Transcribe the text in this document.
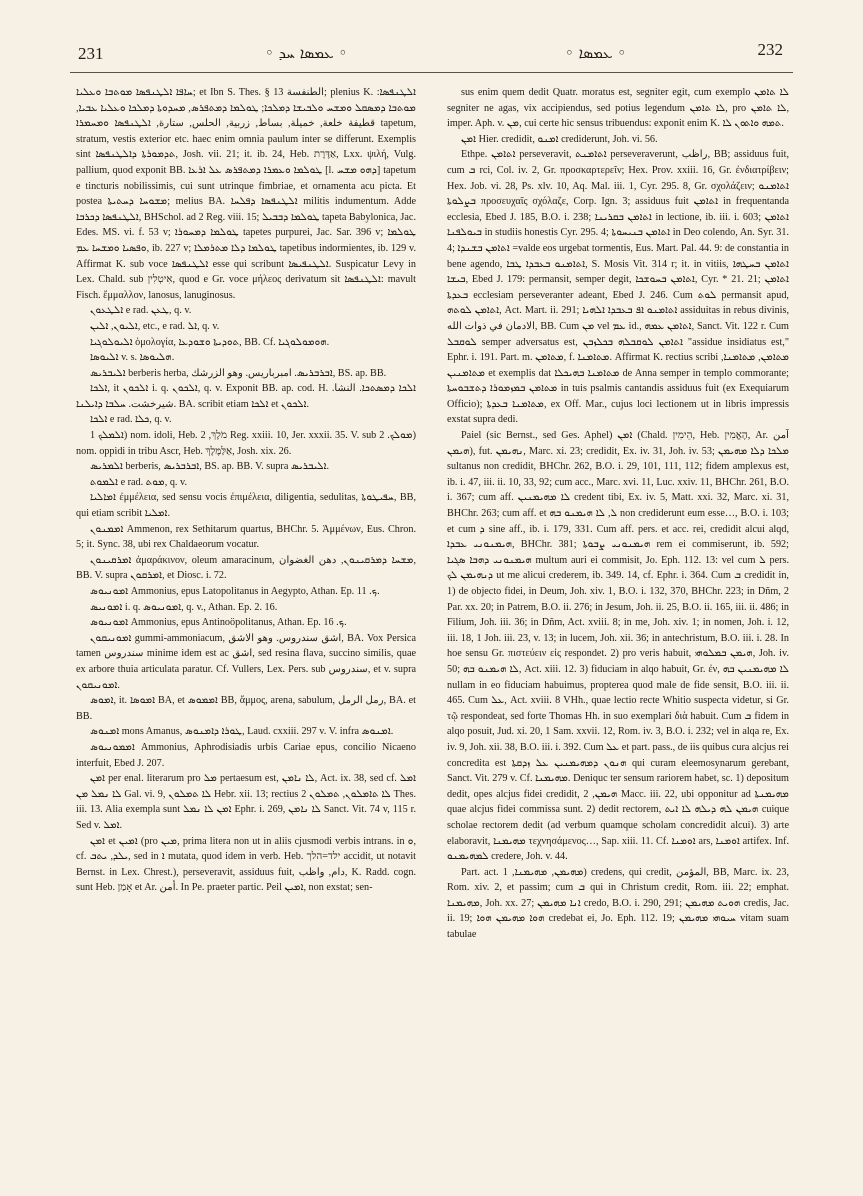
231	◦ ܥܡܣܐ ܚܕ ◦	◦ ܥܡܣܐ ◦	232

ܚܐܦܐ ܐܠܛܢܦܣܐ ܡܘܬܒܐ ܘܥܠܝܐ; et Ibn S. Thes. § 13 الطنفسة; plenius K. ܐܠܛܢܦܣܐ: ܡܘܬܒܐ ܕܡܣܩܠ ܘܡܫܚ ܘܠܒܝܫܐ ܕܡܠܟܐ; ܛܘܠܡܐ ܕܡܬܦܪܣ, ܡܚܕܘܬܐ ܕܡܠܟܐ ܘܥܠܝܐ ܥܒܝܐ, قطيفة خلعة, خميلة, بساط, زربية, الحلس, ستارة, ܐܠܛܢܦܣܐ ܘܡܚܡܪܐ tapetum, stratum, vestis exterior etc. haec enim omnia paulum inter se differunt. Exemplis sint ܬܕܡܘܪܬܐ ܕܐܠܛܢܦܣܐ, Josh. vii. 21; it. ib. 24, Heb. אַדֶּרֶת, Lxx. ψιλή, Vulg. pallium, quod exponit BB. ܛܘܠܡܐ ܘܥܡܪܐ ܕܡܬܦܪܣ ܥܠ ܐܪܥܐ [l. ܕܗܘ ܡܫܚ] tapetum e tincturis nobilissimis, cui sunt utrinque fimbriae, et ornamenta acu picta. Et postea ܡܫܘܚܐ ܕܚܬܝܬܐ; melius BA. ܐܠܛܢܦܣܐ ܕܦܠܚܐ militis indumentum. Adde ܐܠܛܢܦܣܐ ܕܟܪܒܐ, BHSchol. ad 2 Reg. viii. 15; ܛܘܠܡܐ ܕܒܒܝܠ tapeta Babylonica, Jac. Edes. MS. vi. f. 53 v; ܛܘܠܡܐ ܕܡܚܘܪܐ tapetes purpurei, Jac. Sar. 396 v; ܛܘܠܡܐ ܘܦܣܝܐ ܘܡܫܚܐ ܥܡ, ib. 227 v; ܛܘܠܡܐ ܕܠܐ ܡܬܪܡܠܐ tapetibus indormientes, ib. 129 v. Affirmat K. sub voce ܐܠܛܢܦܣܐ esse qui scribunt ܐܠܛܢܦܝܣܐ. Suspicatur Levy in Lex. Chald. sub אִיטְלִין, quod e Gr. voce μήλεος derivatum sit ܐܠܛܢܦܣܐ: mavult Fisch. ἔμμαλλον, lanosus, lanuginosus.

ܐܠܛܥܘܢ e rad. ܛܥܢ, q. v.

ܐܠܝܘܢ, ܐܠܝܢ, etc., e rad. ܐܠ, q. v.

ܐܠܝܘܠܘܓܝܐ ὁμολογία, ܬܘܕܝܬܐ ܘܫܘܕܥܐ, BB. Cf. ܗܘܡܘܠܘܓܝܐ.

ܐܠܝܘܣܐ v. s. ܗܠܝܘܣܐ.

ܐܠܝܒܪܝܣ berberis herba, ܐܒܪܒܪܝܣ. امبرباريس. وهو الزرشك, BS. ap. BB.

ܐܠܟܐ, it ܐܠܟܘܢ i. q. ܐܠܟܘܢ, q. v. Exponit BB. ap. cod. H. ܐܠܟܐ ܕܡܣܬܟܐ. النشا. شيرخشت. ܚܠܒܐ ܕܐܝܠܢܐ. BA. scribit etiam ܐܠܟܐ et ܐܠܟܘܢ.

ܐܠܟܐ e rad. ܟܠܐ, q. v.

ܐܠܡܠܟ 1) nom. idoli, Heb. מֹלֶךְ, 2 Reg. xxiii. 10, Jer. xxxii. 35. V. sub ܡܘܠܟ. 2) nom. oppidi in tribu Ascr, Heb. אַלַּמֶּלֶךְ, Josh. xix. 26.

ܐܠܡܪܝܣ berberis, ܐܒܪܒܪܝܣ, BS. ap. BB. V. supra ܐܠܝܒܪܝܣ.

ܐܠܡܘܬ e rad. ܡܘܬ, q. v.

ܐܡܐܠܝܐ ἐμμέλεια, sed sensu vocis ἐπιμέλεια, diligentia, sedulitas, ܚܦܝܛܘܬܐ, BB, qui etiam scribit ܐܡܠܝܐ.

ܐܡܡܢܘܢ Ammenon, rex Sethitarum quartus, BHChr. 5. Ἀμμένων, Eus. Chron. 5; it. Sync. 38, ubi rex Chaldaeorum vocatur.

ܐܡܪܩܝܢܘܢ ἀμαράκινον, oleum amaracinum, ܡܫܚܐ ܕܡܪܩܝܢܘܢ, دهن الغضوان, BB. V. supra ܐܡܪܩܘܢ, et Diosc. i. 72.

ܐܡܘܢܝܘܣ Ammonius, epus Latopolitanus in Aegypto, Athan. Ep. ܟ. 11.

ܐܡܘܢܝܣ i. q. ܐܡܘܢܝܘܣ, q. v., Athan. Ep. 2. 16.

ܐܡܘܢܝܘܣ Ammonius, epus Antinoöpolitanus, Athan. Ep. ܟ. 16.

ܐܡܘܢܝܩܘܢ gummi-ammoniacum, اشق سندروس. وهو الاشق, BA. Vox Persica tamen سندروس minime idem est ac اشق, sed resina flava, succino similis, quae ex arbore thuia articulata paratur. Cf. Vullers, Lex. Pers. sub سندروس, et v. supra ܐܡܘܢܝܩܘܢ.

ܐܡܘܣ, it. ܐܡܘܣܐ BA, et ܐܡܡܘܣ BB, ἄμμος, arena, sabulum, رمل الرمل, BA. et BB.

ܐܡܢܘܣ mons Amanus, ܛܘܪܐ ܕܐܡܢܘܣ, Laud. cxxiii. 297 v. V. infra ܐܡܢܘܣ.

ܐܡܡܘܢܝܘܣ Ammonius, Aphrodisiadis urbis Cariae epus, concilio Nicaeno interfuit, Ebed J. 207.

ܐܡܢ per enal. literarum pro ܡܠ pertaesum est, ܠܐ ܢܐܡܢ, Act. ix. 38, sed cf. ܐܡܠ ܠܐ ܢܡܠ ܡܢ Gal. vi. 9, ܠܐ ܬܡܠܘܢ Hebr. xii. 13; rectius ܠܐ ܬܐܡܠܘܢ, ܬܡܠܘܢ 2 Thes. iii. 13. Alia exempla sunt ܐܡܢ ܠܐ ܢܡܠ Ephr. i. 269, ܠܐ ܢܐܡܢ Sanct. Vit. 74 v, 115 r. Sed v. ܐܡܠ.

ܐܡܢ et ܐܡܝܢ (pro ܡܝܢ, prima litera non ut in aliis cjusmodi verbis intrans. in ܘ, cf. ܝܠܕ, ܝܬܒ, sed in ܐ mutata, quod idem in verb. Heb. ילד=הלך accidit, ut notavit Bernst. in Lex. Chrest.), perseveravit, assiduus fuit, دام, واظب, K. Radd. cogn. sunt Heb. אָמַן et Ar. أمن. In Pe. praeter partic. Peil ܐܡܝܢ, non exstat; sen-

sus enim quem dedit Quatr. moratus est, segniter egit, cum exemplo ܠܐ ܬܐܡܢ segniter ne agas, vix accipiendus, sed potius legendum ܠܐ ܬܐܡܢ, pro ܠܐ ܬܐܡܢ, imper. Aph. v. ܡܢ, cui certe hic sensus tribuendus: exponit enim K. ܬܡܗ ܘܐܬܘܢ ܠܐ.

ܐܡܢ Hier. credidit, ܐܡܢܘ crediderunt, Joh. vi. 56.

Ethpe. ܐܬܐܡܢ perseveravit, ܐܬܐܡܢܬ perseveraverunt, راظب, BB; assiduus fuit, cum ܒ rci, Col. iv. 2, Gr. προσκαρτερεῖν; Hex. Prov. xxiii. 16, Gr. ἐνδιατρίβειν; Hex. Job. vi. 28, Ps. xlv. 10, Aq. Mal. iii. 1, Cyr. 295. 8, Gr. σχολάζειν; ܐܬܐܡܢܘ ܒܨܠܘܬܐ προσευχαῖς σχόλαζε, Corp. Ign. 3; assiduus fuit ܐܬܐܡܢ in frequentanda ecclesia, Ebed J. 185, B.O. i. 238; ܐܬܐܡܢ ܒܩܪܝܢܐ in lectione, ib. iii. i. 603; ܐܬܐܡܢ ܒܝܘܠܦܢܐ in studiis honestis Cyr. 295. 4; ܐܬܐܡܢ ܒܢܝܚܘܬܐ in Deo colendo, An. Syr. 31. 4; ܐܬܐܡܢ ܒܫܢܕܐ =valde eos urgebat tormentis, Eus. Mart. Pal. 44. 9: de constantia in bene agendo, ܐܬܐܡܢܘ ܒܥܒܕܐ ܛܒܐ, S. Mosis Vit. 314 r; it. in vitiis, ܐܬܐܡܢ ܒܚܛܗܐ ܒܝܫܐ, Ebed J. 179: permansit, semper degit, ܐܬܐܡܢ ܒܚܘܫܟܐ, Cyr. * 21. 21; ܐܬܐܡܢ ܒܥܕܬܐ ecclesiam perseveranter adeant, Ebed J. 246. Cum ܠܘܬ permansit apud, ܐܬܐܡܢ ܠܘܬܗ, Act. Mart. ii. 291; ܐܬܐܡܢܘ ܐܦ ܒܥܒܕܐ ܐܠܗܝܐ assiduitas in rebus divinis, الادمان في ذوات الله, BB. Cum ܡܢ vel ܥܡ id., ܐܬܐܡܢ ܥܡܗ, Sanct. Vit. 122 r. Cum ܠܘܩܒܠ semper adversatus est, ܐܬܐܡܢ ܠܘܩܒܠܗ ܒܟܠܙܒܢ "assidue insidiatus est," Ephr. i. 191. Part. m. ܡܬܐܡܢ, f. ܡܬܐܡܢܐ. Affirmat K. rectius scribi ܡܬܐܡܢ, ܡܬܐܡܢܐ, ܡܬܐܡܢܝܢ et exemplis dat ܡܬܐܡܢܐ ܒܗܝܟܠܐ de Anna semper in templo commorante; ܡܬܐܡܢ ܒܡܙܡܘܪܐ ܕܬܫܒܘܚܬܐ in tuis psalmis cantandis assiduus fuit (ex Exequiarum Officio); ܡܬܐܡܢܐ ܒܥܕܬܐ, ex Off. Mar., cujus loci lectionem ut in libris impressis exstat supra dedi.

Paiel (sic Bernst., sed Ges. Aphel) ܐܡܢ (Chald. הֵימִין, Heb. הֶאֱמִין, Ar. آمن ܗܝܡܢ), fut. ܢܗܝܡܢ, Marc. xi. 23; credidit, Ex. iv. 31, Joh. iv. 53; ܡܠܟܐ ܕܠܐ ܡܗܝܡܢ sultanus non credidit, BHChr. 262, B.O. i. 29, 101, 111, 112; fidem amplexus est, ib. i. 47, iii. ii. 10, 33, 92; cum acc., Marc. xvi. 11, Luc. xxiv. 11, BHChr. 261, B.O. i. 367; cum aff. ܠܐ ܡܗܝܡܢܝܢ credent tibi, Ex. iv. 5, Matt. xxi. 32, Marc. xi. 31, BHChr. 263; cum aff. et ܠ, ܠܐ ܗܝܡܢܘ ܒܗ non crediderunt eum esse…, B.O. i. 103; et cum ܕ sine aff., ib. i. 179, 331. Cum aff. pers. et acc. rei, credidit alcui alqd, ܗܝܡܢܘܢܝ ܥܒܕܐ, BHChr. 381; ܗܝܡܢܘܢܝ ܨܒܘܬܐ rem ei commiserunt, ib. 592; ܗܝܡܢܘܢܝ ܕܗܒܐ ܣܓܝܐ multum auri ei commisit, Jo. Eph. 112. 13: vel cum ܠ pers. ܕܢܗܝܡܢ ܠܟ ut me alicui crederem, ib. 349. 14, cf. Ephr. i. 364. Cum ܒ credidit in, 1) de objecto fidei, in Deum, Joh. xiv. 1, B.O. i. 132, 370, BHChr. 223; in Dñm, 2 Par. xx. 20; in Patrem, B.O. ii. 276; in Jesum, Joh. ii. 25, B.O. ii. 165, iii. ii. 486; in Filium, Joh. iii. 36; in Dñm, Act. xviii. 8; in me, Joh. xiv. 1; in nomen, Joh. i. 12, iii. 18, 1 Joh. iii. 23, v. 13; in lucem, Joh. xii. 36; in antechristum, B.O. iii. i. 28. In hoe sensu Gr. πιστεύειν εἰς respondet. 2) pro veris habuit, ܗܝܡܢ ܒܡܠܘܗܝ, Joh. iv. 50; ܠܐ ܗܝܡܢܘ ܒܗ, Act. xiii. 12. 3) fiduciam in alqo habuit, Gr. ἐν, ܠܐ ܡܗܝܡܢܝܢ ܒܗ nullam in eo fiduciam habuimus, propterea quod male de fide sensit, B.O. iii. ii. 465. Cum ܥܠ, Act. xviii. 8 VHh., quae lectio recte Whitio suspecta videtur, si Gr. τῷ respondeat, sed forte Thomas Hh. in suo exemplari διὰ habuit. Cum ܒ fidem in alqo posuit, Jud. xi. 20, 1 Sam. xxvii. 12, Rom. iv. 3, B.O. i. 232; vel in alqa re, Ex. iv. 9, Joh. xii. 38, B.O. iii. i. 392. Cum ܥܠ et part. pass., de iis quibus cura alcjus rei concredita est ܗܢܘܢ ܕܡܗܝܡܢܝܢ ܥܠ ܙܕܩܬܐ qui curam eleemosynarum gerebant, Sanct. Vit. 279 v. Cf. ܡܗܝܡܢܐ. Deniquc ter sensum rariorem habet, sc. 1) depositum dedit, opes alcjus fidei credidit, ܗܝܡܢ, 2 Macc. iii. 22, ubi opponitur ad ܡܗܝܡܢܬܐ quae alcjus fidei commissa sunt. 2) dedit rectorem, ܗܝܡܢ ܠܗ ܕܝܠܗ ܠܐ ܐܝܬ cuique scholae rectorem dedit (ad verbum quamque scholam concredidit alcui). 3) arte elaboravit, ܡܗܝܡܢܐ τεχνησάμενος…, Sap. xiii. 11. Cf. ܐܘܡܢܐ ars, ܐܘܡܢܐ artifex. Inf. ܠܡܗܝܡܢܘ credere, Joh. v. 44.

Part. act. ܡܗܝܡܢ, ܡܗܝܡܢܐ, 1) credens, qui credit, المؤمن, BB, Marc. ix. 23, Rom. xiv. 2, et passim; cum ܒ qui in Christum credit, Rom. iii. 22; emphat. ܡܗܝܡܢܐ, Joh. xx. 27; ܐܢܐ ܡܗܝܡܢ credo, B.O. i. 290, 291; ܗܘܝܬ ܡܗܝܡܢ credis, Jac. ii. 19; ܗܘܐ ܡܗܝܡܢ ܗܘܐ credebat ei, Jo. Eph. 112. 19; ܚܝܘܗܝ ܡܗܝܡܢ vitam suam tabulae
